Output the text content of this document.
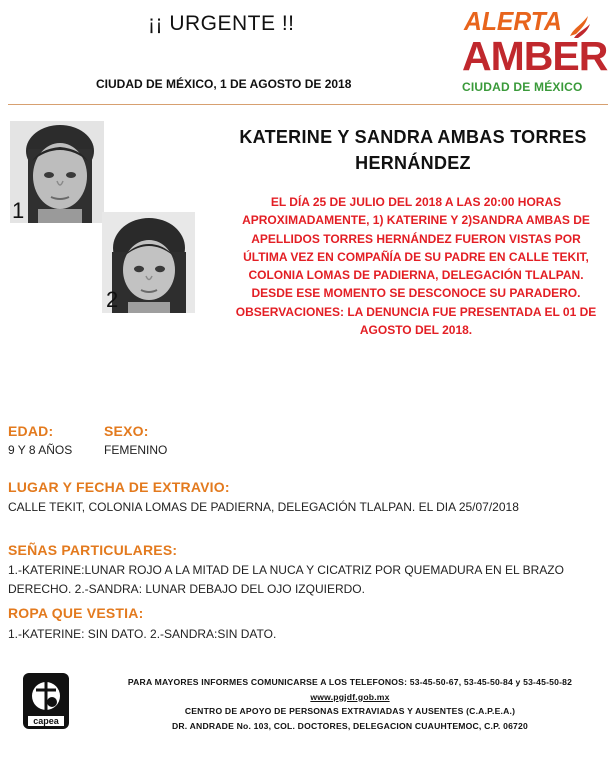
¡¡ URGENTE !!
CIUDAD DE MÉXICO, 1 DE AGOSTO DE 2018
ALERTA
AMBER
CIUDAD DE MÉXICO
1
2
KATERINE Y SANDRA AMBAS TORRES
HERNÁNDEZ
EL DÍA 25 DE JULIO DEL 2018 A LAS 20:00 HORAS
APROXIMADAMENTE, 1) KATERINE Y 2)SANDRA AMBAS DE
APELLIDOS TORRES HERNÁNDEZ FUERON VISTAS POR
ÚLTIMA VEZ EN COMPAÑÍA DE SU PADRE EN CALLE TEKIT,
COLONIA LOMAS DE PADIERNA, DELEGACIÓN TLALPAN.
DESDE ESE MOMENTO SE DESCONOCE SU PARADERO.
OBSERVACIONES: LA DENUNCIA FUE PRESENTADA EL 01 DE
AGOSTO DEL 2018.
EDAD:
9 Y 8 AÑOS
SEXO:
FEMENINO
LUGAR Y FECHA DE EXTRAVIO:
CALLE TEKIT, COLONIA LOMAS DE PADIERNA, DELEGACIÓN TLALPAN. EL DIA 25/07/2018
SEÑAS PARTICULARES:
1.-KATERINE:LUNAR ROJO A LA MITAD DE LA NUCA Y CICATRIZ POR QUEMADURA EN EL BRAZO
DERECHO. 2.-SANDRA: LUNAR DEBAJO DEL OJO IZQUIERDO.
ROPA QUE VESTIA:
1.-KATERINE: SIN DATO. 2.-SANDRA:SIN DATO.
capea
PARA MAYORES INFORMES COMUNICARSE A LOS TELEFONOS: 53-45-50-67, 53-45-50-84 y 53-45-50-82
www.pgjdf.gob.mx
CENTRO DE APOYO DE PERSONAS EXTRAVIADAS Y AUSENTES (C.A.P.E.A.)
DR. ANDRADE No. 103, COL. DOCTORES, DELEGACION CUAUHTEMOC, C.P. 06720
